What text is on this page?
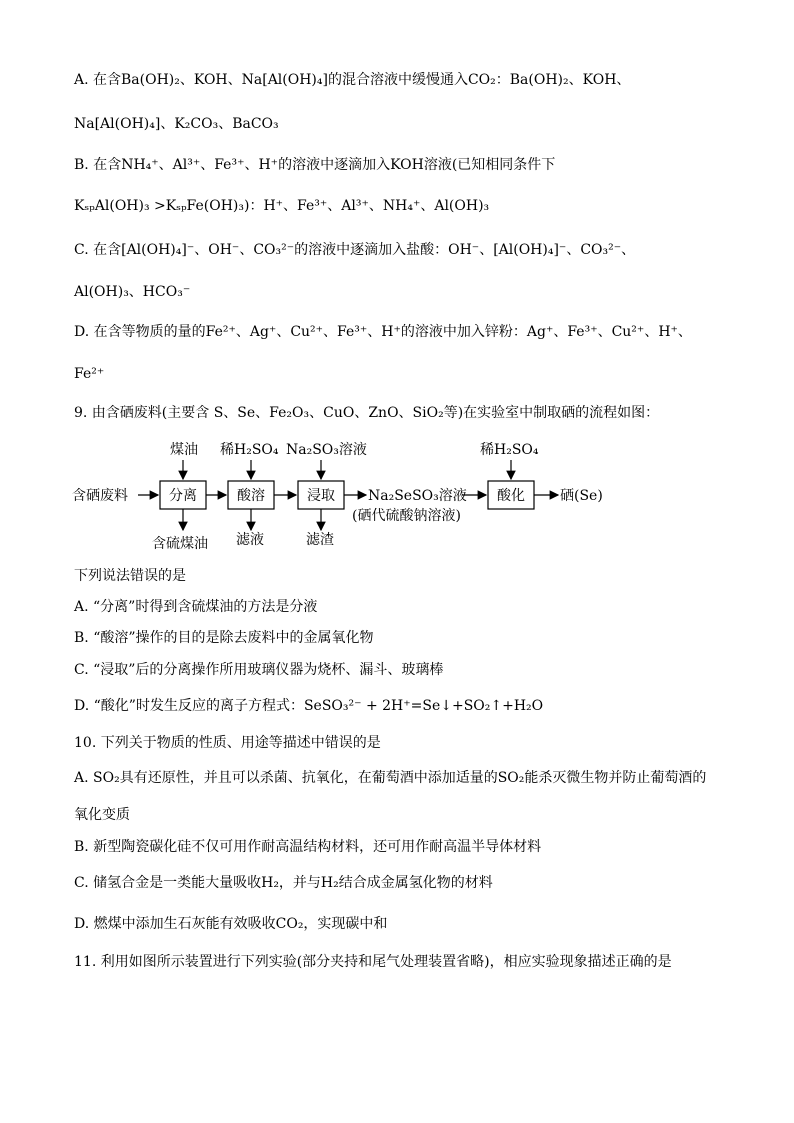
A. 在含Ba(OH)₂、KOH、Na[Al(OH)₄]的混合溶液中缓慢通入CO₂：Ba(OH)₂、KOH、
Na[Al(OH)₄]、K₂CO₃、BaCO₃
B. 在含NH₄⁺、Al³⁺、Fe³⁺、H⁺的溶液中逐滴加入KOH溶液(已知相同条件下
KₛₚAl(OH)₃ >KₛₚFe(OH)₃)：H⁺、Fe³⁺、Al³⁺、NH₄⁺、Al(OH)₃
C. 在含[Al(OH)₄]⁻、OH⁻、CO₃²⁻的溶液中逐滴加入盐酸：OH⁻、[Al(OH)₄]⁻、CO₃²⁻、
Al(OH)₃、HCO₃⁻
D. 在含等物质的量的Fe²⁺、Ag⁺、Cu²⁺、Fe³⁺、H⁺的溶液中加入锌粉：Ag⁺、Fe³⁺、Cu²⁺、H⁺、
Fe²⁺
9. 由含硒废料(主要含 S、Se、Fe₂O₃、CuO、ZnO、SiO₂等)在实验室中制取硒的流程如图：
含硒废料	分离	酸溶	浸取	酸化
煤油 稀H₂SO₄ Na₂SO₃溶液	稀H₂SO₄
含硫煤油 滤液	滤渣
Na₂SeSO₃溶液
(硒代硫酸钠溶液)
硒(Se)
下列说法错误的是
A. “分离”时得到含硫煤油的方法是分液
B. “酸溶”操作的目的是除去废料中的金属氧化物
C. “浸取”后的分离操作所用玻璃仪器为烧杯、漏斗、玻璃棒
D. “酸化”时发生反应的离子方程式：SeSO₃²⁻ + 2H⁺=Se↓+SO₂↑+H₂O
10. 下列关于物质的性质、用途等描述中错误的是
A. SO₂具有还原性，并且可以杀菌、抗氧化，在葡萄酒中添加适量的SO₂能杀灭微生物并防止葡萄酒的
氧化变质
B. 新型陶瓷碳化硅不仅可用作耐高温结构材料，还可用作耐高温半导体材料
C. 储氢合金是一类能大量吸收H₂，并与H₂结合成金属氢化物的材料
D. 燃煤中添加生石灰能有效吸收CO₂，实现碳中和
11. 利用如图所示装置进行下列实验(部分夹持和尾气处理装置省略)，相应实验现象描述正确的是
